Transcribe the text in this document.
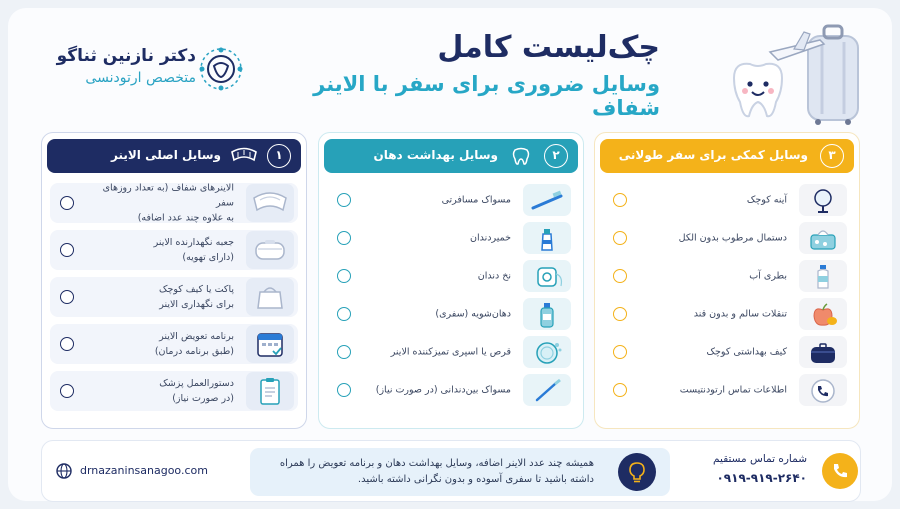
چک‌لیست کامل
وسایل ضروری برای سفر با الاینر شفاف
دکتر نازنین ثناگو
متخصص ارتودنسی
۱
وسایل اصلی الاینر
الاینرهای شفاف (به تعداد روزهای سفر
به علاوه چند عدد اضافه)
جعبه نگهدارنده الاینر
(دارای تهویه)
پاکت یا کیف کوچک
برای نگهداری الاینر
برنامه تعویض الاینر
(طبق برنامه درمان)
دستورالعمل پزشک
(در صورت نیاز)
۲
وسایل بهداشت دهان
مسواک مسافرتی
خمیردندان
نخ دندان
دهان‌شویه (سفری)
قرص یا اسپری تمیزکننده الاینر
مسواک بین‌دندانی (در صورت نیاز)
۳
وسایل کمکی برای سفر طولانی
آینه کوچک
دستمال مرطوب بدون الکل
بطری آب
تنقلات سالم و بدون قند
کیف بهداشتی کوچک
اطلاعات تماس ارتودنتیست
drnazaninsanagoo.com
همیشه چند عدد الاینر اضافه، وسایل بهداشت دهان و برنامه تعویض را همراه داشته باشید تا سفری آسوده و بدون نگرانی داشته باشید.
شماره تماس مستقیم
۰۹۱۹-۹۱۹-۲۶۴۰
